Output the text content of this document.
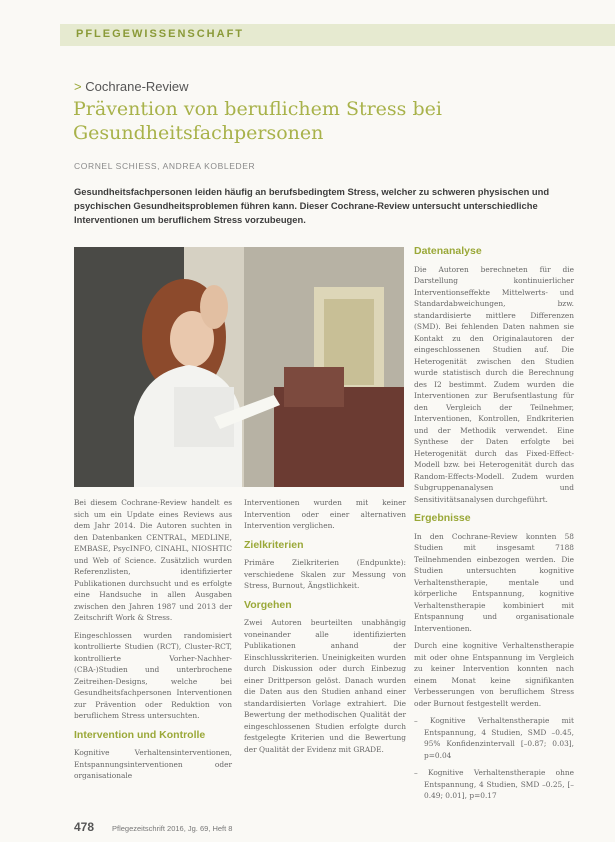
PFLEGEWISSENSCHAFT
> Cochrane-Review
Prävention von beruflichem Stress bei Gesundheitsfachpersonen
CORNEL SCHIESS, ANDREA KOBLEDER

Gesundheitsfachpersonen leiden häufig an berufsbedingtem Stress, welcher zu schweren physischen und psychischen Gesundheitsproblemen führen kann. Dieser Cochrane-Review untersucht unterschiedliche Interventionen um beruflichem Stress vorzubeugen.

Bei diesem Cochrane-Review handelt es sich um ein Update eines Reviews aus dem Jahr 2014. Die Autoren suchten in den Datenbanken CENTRAL, MEDLINE, EMBASE, PsycINFO, CINAHL, NIOSHTIC und Web of Science. Zusätzlich wurden Referenzlisten, identifizierter Publikationen durchsucht und es erfolgte eine Handsuche in allen Ausgaben zwischen den Jahren 1987 und 2013 der Zeitschrift Work & Stress.

Eingeschlossen wurden randomisiert kontrollierte Studien (RCT), Cluster-RCT, kontrollierte Vorher-Nachher-(CBA-)Studien und unterbrochene Zeitreihen-Designs, welche bei Gesundheitsfachpersonen Interventionen zur Prävention oder Reduktion von beruflichem Stress untersuchten.

Intervention und Kontrolle

Kognitive Verhaltensinterventionen, Entspannungsinterventionen oder organisationale

Interventionen wurden mit keiner Intervention oder einer alternativen Intervention verglichen.

Zielkriterien

Primäre Zielkriterien (Endpunkte): verschiedene Skalen zur Messung von Stress, Burnout, Ängstlichkeit.

Vorgehen

Zwei Autoren beurteilten unabhängig voneinander alle identifizierten Publikationen anhand der Einschlusskriterien. Uneinigkeiten wurden durch Diskussion oder durch Einbezug einer Drittperson gelöst. Danach wurden die Daten aus den Studien anhand einer standardisierten Vorlage extrahiert. Die Bewertung der methodischen Qualität der eingeschlossenen Studien erfolgte durch festgelegte Kriterien und die Bewertung der Qualität der Evidenz mit GRADE.

Datenanalyse

Die Autoren berechneten für die Darstellung kontinuierlicher Interventionseffekte Mittelwerts- und Standardabweichungen, bzw. standardisierte mittlere Differenzen (SMD). Bei fehlenden Daten nahmen sie Kontakt zu den Originalautoren der eingeschlossenen Studien auf. Die Heterogenität zwischen den Studien wurde statistisch durch die Berechnung des I2 bestimmt. Zudem wurden die Interventionen zur Berufsentlastung für den Vergleich der Teilnehmer, Interventionen, Kontrollen, Endkriterien und der Methodik verwendet. Eine Synthese der Daten erfolgte bei Heterogenität durch das Fixed-Effect-Modell bzw. bei Heterogenität durch das Random-Effects-Modell. Zudem wurden Subgruppenanalysen und Sensitivitätsanalysen durchgeführt.

Ergebnisse

In den Cochrane-Review konnten 58 Studien mit insgesamt 7188 Teilnehmenden einbezogen werden. Die Studien untersuchten kognitive Verhaltenstherapie, mentale und körperliche Entspannung, kognitive Verhaltenstherapie kombiniert mit Entspannung und organisationale Interventionen.

Durch eine kognitive Verhaltenstherapie mit oder ohne Entspannung im Vergleich zu keiner Intervention konnten nach einem Monat keine signifikanten Verbesserungen von beruflichem Stress oder Burnout festgestellt werden.

– Kognitive Verhaltenstherapie mit Entspannung, 4 Studien, SMD –0.45, 95% Konfidenzintervall [–0.87; 0.03], p=0.04

– Kognitive Verhaltenstherapie ohne Entspannung, 4 Studien, SMD –0.25, [–0.49; 0.01], p=0.17

478 Pflegezeitschrift 2016, Jg. 69, Heft 8
